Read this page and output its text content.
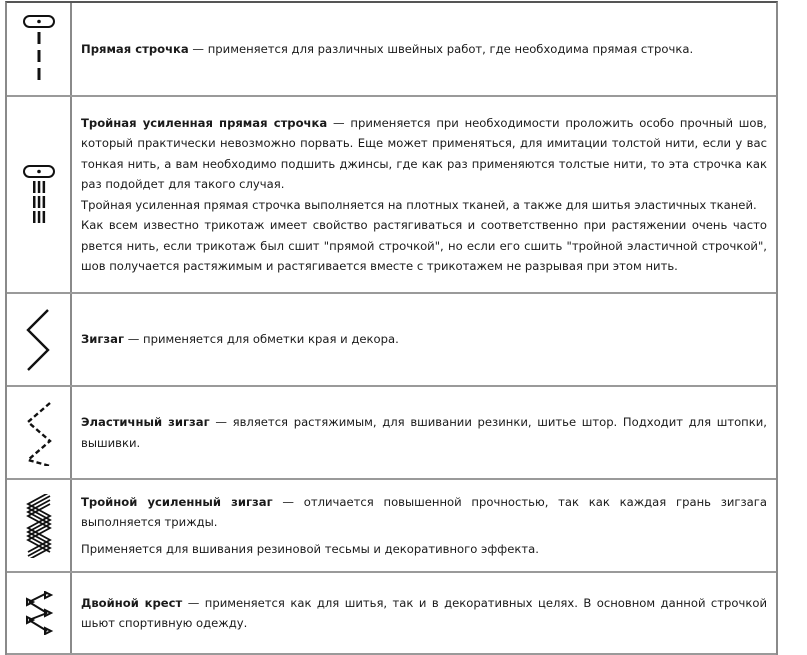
Прямая строчка — применяется для различных швейных работ, где необходима прямая строчка.

Тройная усиленная прямая строчка — применяется при необходимости проложить особо прочный шов, который практически невозможно порвать. Еще может применяться, для имитации толстой нити, если у вас тонкая нить, а вам необходимо подшить джинсы, где как раз применяются толстые нити, то эта строчка как раз подойдет для такого случая.

Тройная усиленная прямая строчка выполняется на плотных тканей, а также для шитья эластичных тканей.

Как всем известно трикотаж имеет свойство растягиваться и соответственно при растяжении очень часто рвется нить, если трикотаж был сшит "прямой строчкой", но если его сшить "тройной эластичной строчкой", шов получается растяжимым и растягивается вместе с трикотажем не разрывая при этом нить.

Зигзаг — применяется для обметки края и декора.

Эластичный зигзаг — является растяжимым, для вшивании резинки, шитье штор. Подходит для штопки, вышивки.

Тройной усиленный зигзаг — отличается повышенной прочностью, так как каждая грань зигзага выполняется трижды.

Применяется для вшивания резиновой тесьмы и декоративного эффекта.

Двойной крест — применяется как для шитья, так и в декоративных целях. В основном данной строчкой шьют спортивную одежду.
